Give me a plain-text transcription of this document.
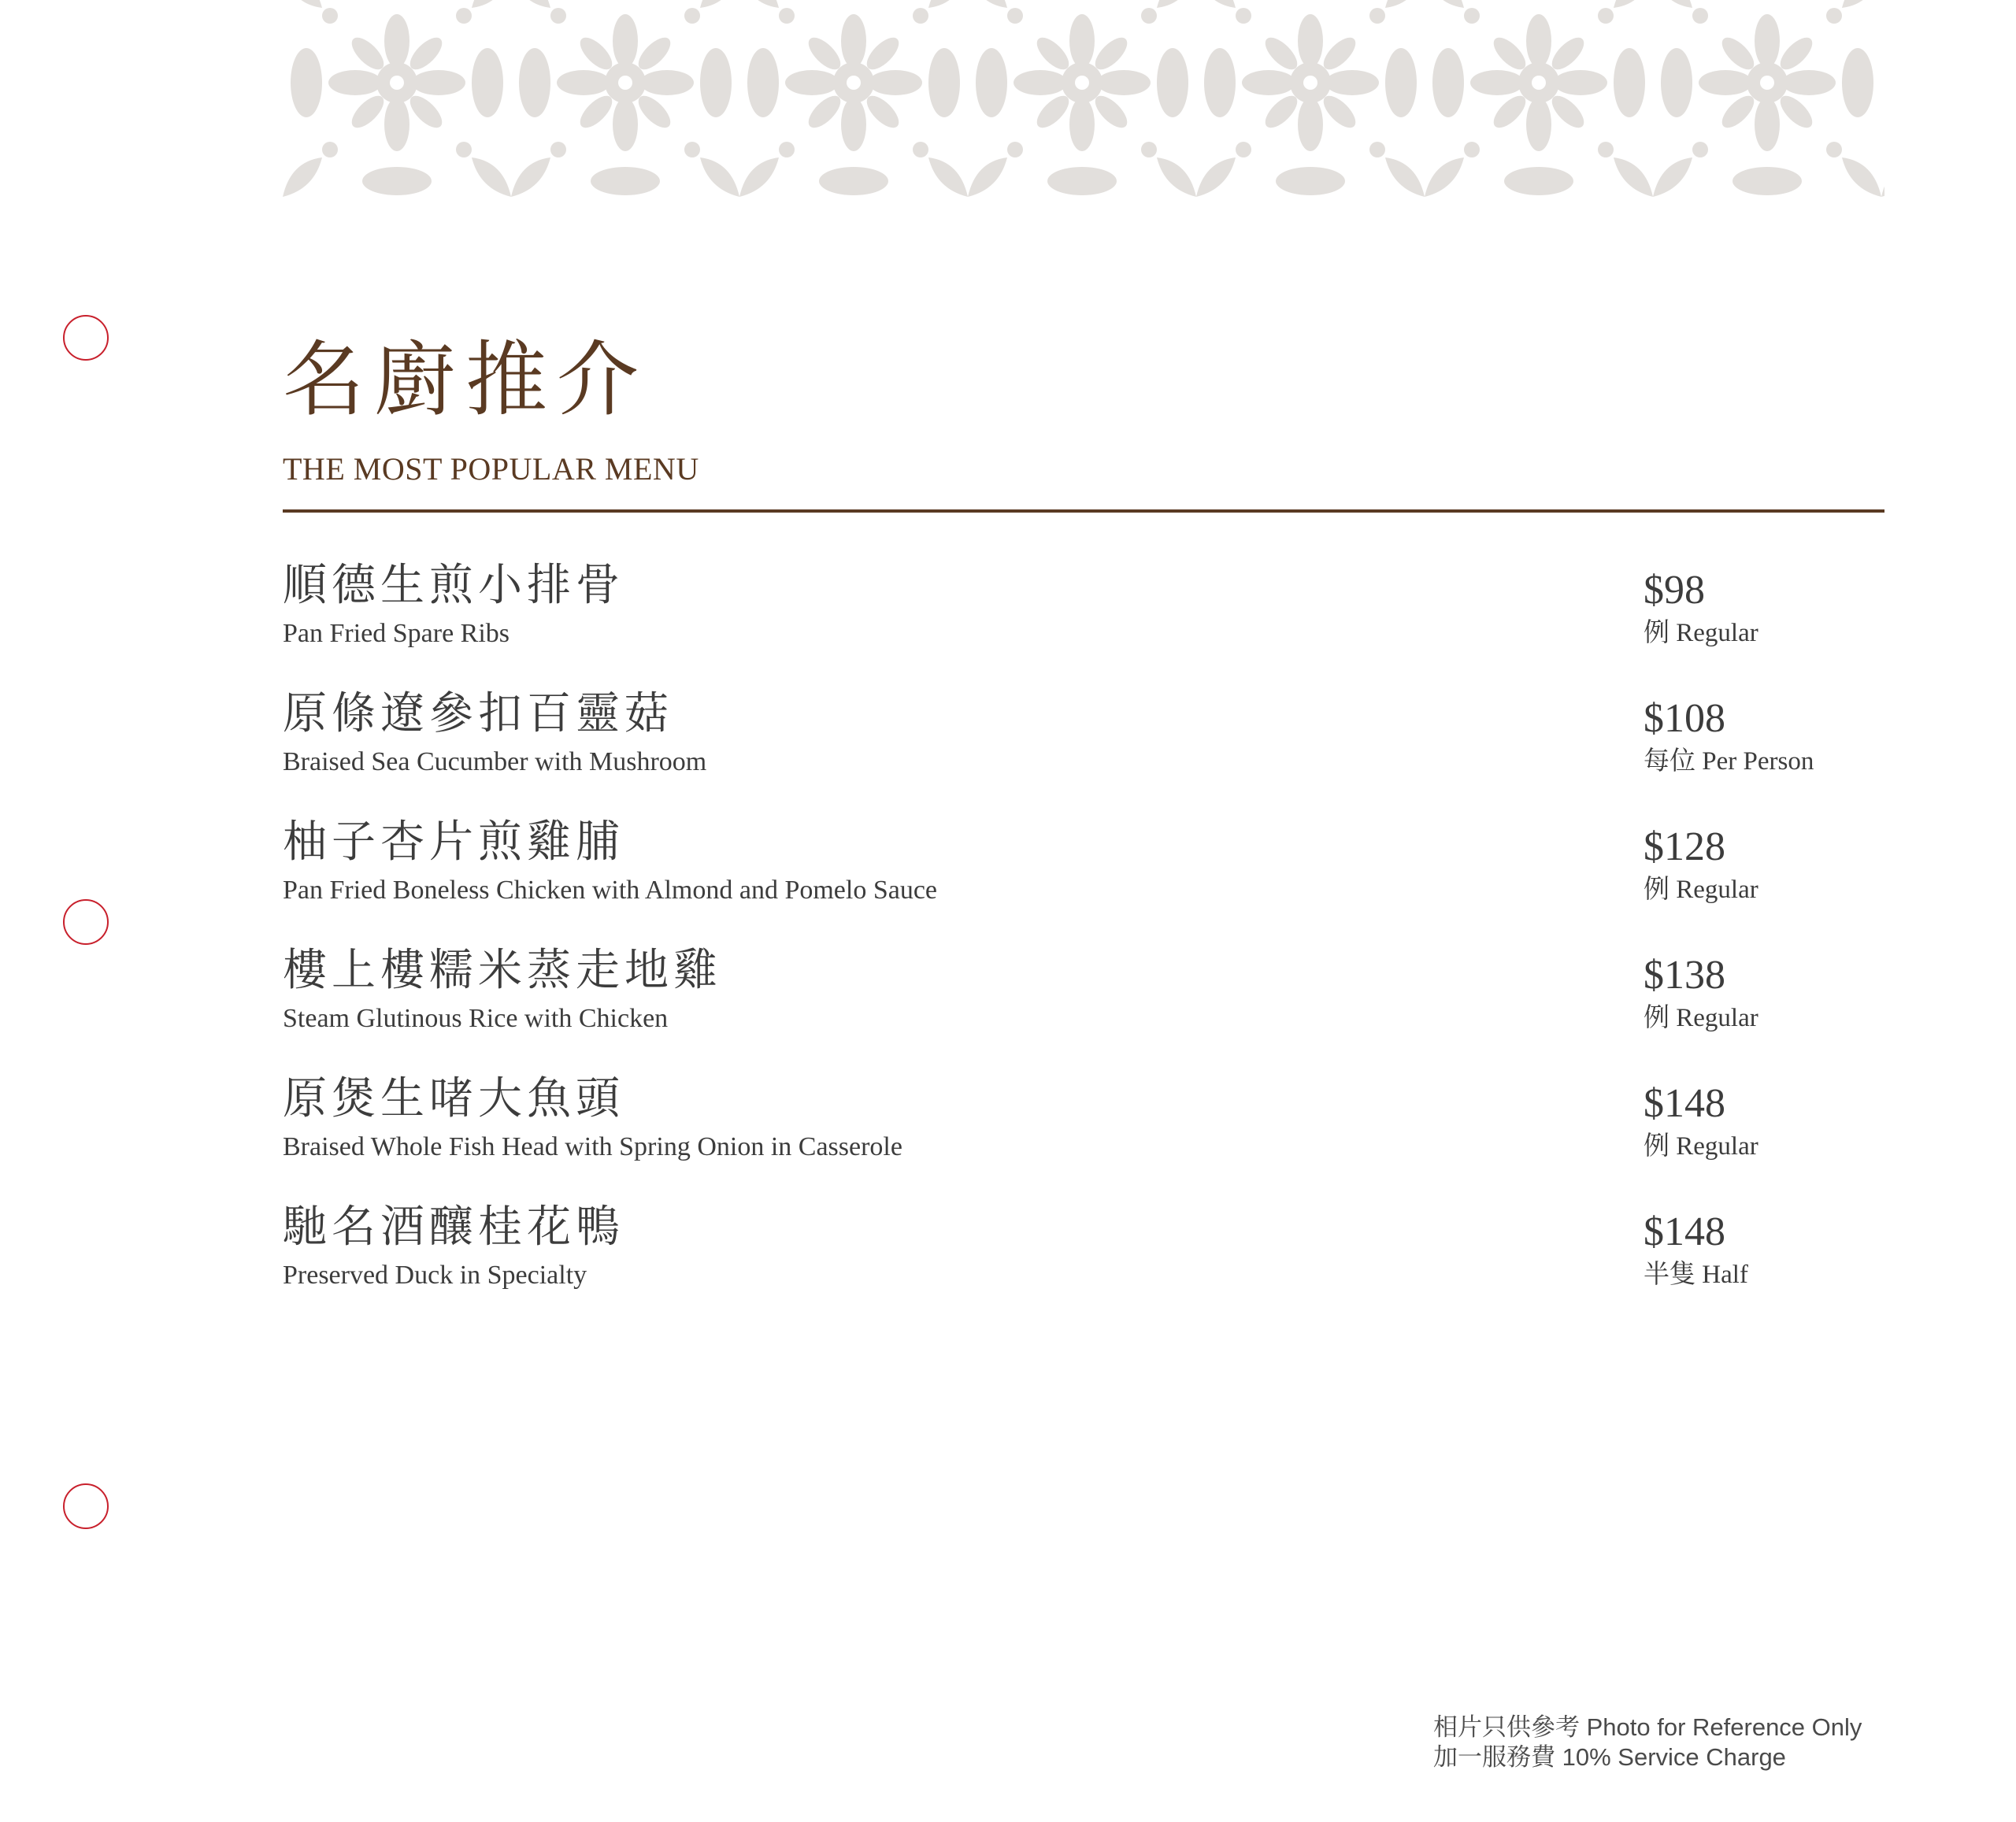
名廚推介
THE MOST POPULAR MENU
順德生煎小排骨
Pan Fried Spare Ribs
$98
例 Regular
原條遼參扣百靈菇
Braised Sea Cucumber with Mushroom
$108
每位 Per Person
柚子杏片煎雞脯
Pan Fried Boneless Chicken with Almond and Pomelo Sauce
$128
例 Regular
樓上樓糯米蒸走地雞
Steam Glutinous Rice with Chicken
$138
例 Regular
原煲生啫大魚頭
Braised Whole Fish Head with Spring Onion in Casserole
$148
例 Regular
馳名酒釀桂花鴨
Preserved Duck in Specialty
$148
半隻 Half
相片只供參考 Photo for Reference Only
加一服務費 10% Service Charge
